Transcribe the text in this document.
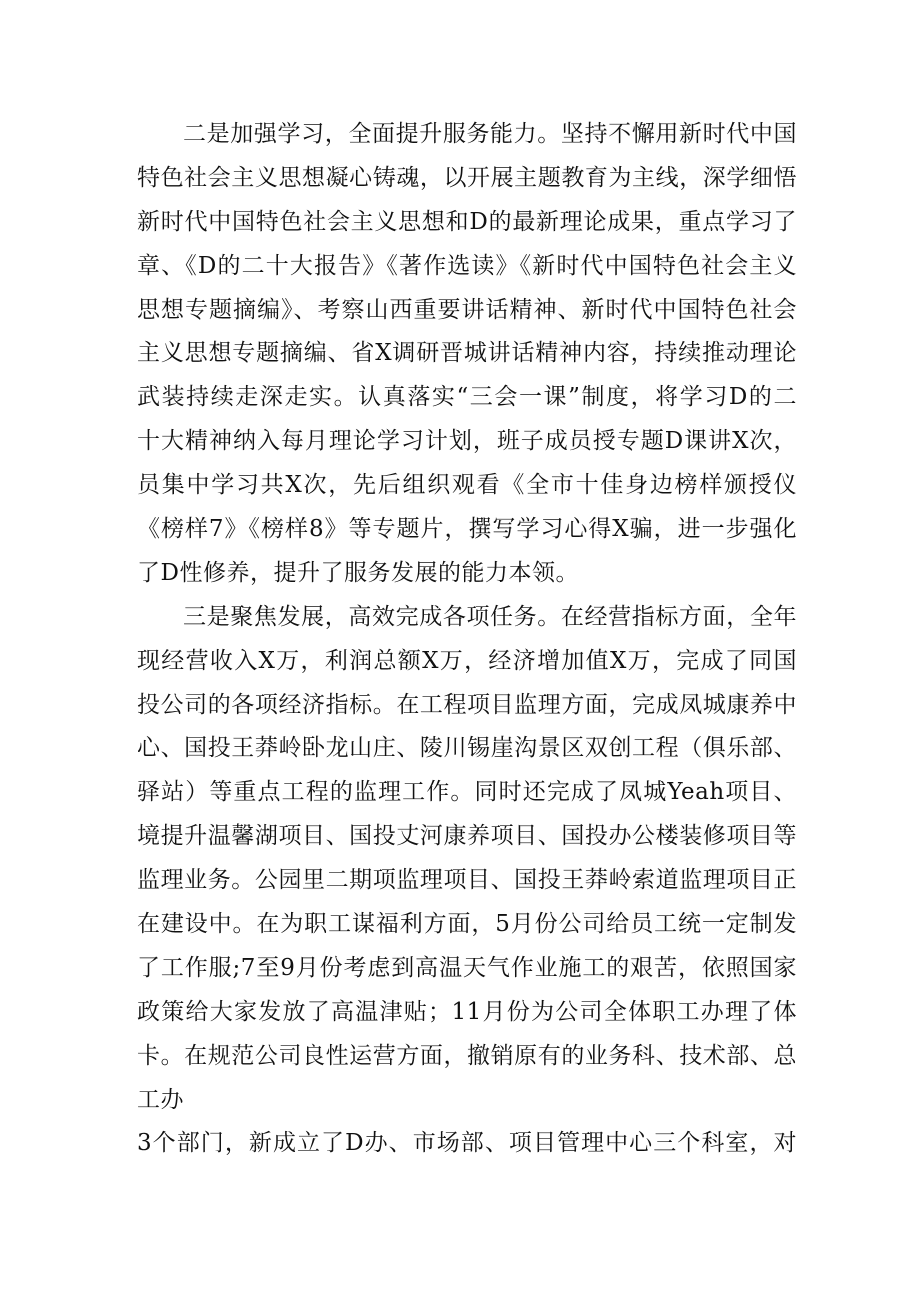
二是加强学习，全面提升服务能力。坚持不懈用新时代中国
特色社会主义思想凝心铸魂，以开展主题教育为主线，深学细悟
新时代中国特色社会主义思想和D的最新理论成果，重点学习了
章、《D的二十大报告》《著作选读》《新时代中国特色社会主义
思想专题摘编》、考察山西重要讲话精神、新时代中国特色社会
主义思想专题摘编、省X调研晋城讲话精神内容，持续推动理论
武装持续走深走实。认真落实“三会一课”制度，将学习D的二
十大精神纳入每月理论学习计划，班子成员授专题D课讲X次，
员集中学习共X次，先后组织观看《全市十佳身边榜样颁授仪
《榜样7》《榜样8》等专题片，撰写学习心得X骗，进一步强化
了D性修养，提升了服务发展的能力本领。
三是聚焦发展，高效完成各项任务。在经营指标方面，全年
现经营收入X万，利润总额X万，经济增加值X万，完成了同国
投公司的各项经济指标。在工程项目监理方面，完成凤城康养中
心、国投王莽岭卧龙山庄、陵川锡崖沟景区双创工程（俱乐部、
驿站）等重点工程的监理工作。同时还完成了凤城Yeah项目、
境提升温馨湖项目、国投丈河康养项目、国投办公楼装修项目等
监理业务。公园里二期项监理项目、国投王莽岭索道监理项目正
在建设中。在为职工谋福利方面，5月份公司给员工统一定制发
了工作服;7至9月份考虑到高温天气作业施工的艰苦，依照国家
政策给大家发放了高温津贴；11月份为公司全体职工办理了体
卡。在规范公司良性运营方面，撤销原有的业务科、技术部、总
工办
3个部门，新成立了D办、市场部、项目管理中心三个科室，对
